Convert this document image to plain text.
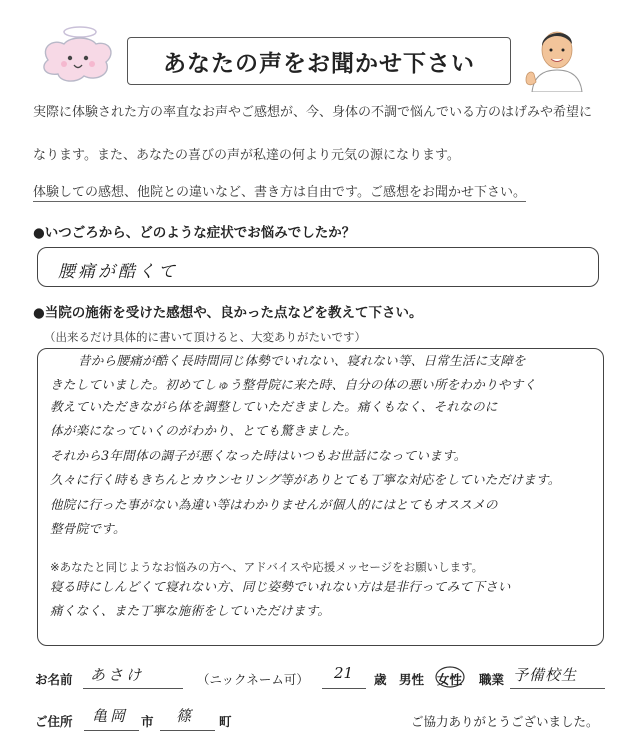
あなたの声をお聞かせ下さい
実際に体験された方の率直なお声やご感想が、今、身体の不調で悩んでいる方のはげみや希望に
なります。また、あなたの喜びの声が私達の何より元気の源になります。
体験しての感想、他院との違いなど、書き方は自由です。ご感想をお聞かせ下さい。
●いつごろから、どのような症状でお悩みでしたか？
腰痛が酷くて
●当院の施術を受けた感想や、良かった点などを教えて下さい。
（出来るだけ具体的に書いて頂けると、大変ありがたいです）
昔から腰痛が酷く長時間同じ体勢でいれない、寝れない等、日常生活に支障を
きたしていました。初めてしゅう整骨院に来た時、自分の体の悪い所をわかりやすく
教えていただきながら体を調整していただきました。痛くもなく、それなのに
体が楽になっていくのがわかり、とても驚きました。
それから3年間体の調子が悪くなった時はいつもお世話になっています。
久々に行く時もきちんとカウンセリング等がありとても丁寧な対応をしていただけます。
他院に行った事がない為違い等はわかりませんが個人的にはとてもオススメの
整骨院です。
※あなたと同じようなお悩みの方へ、アドバイスや応援メッセージをお願いします。
寝る時にしんどくて寝れない方、同じ姿勢でいれない方は是非行ってみて下さい
痛くなく、また丁寧な施術をしていただけます。
お名前 あさけ	（ニックネーム可） 21 歳 男性 女性 職業 予備校生
ご住所 亀岡 市 篠 町	ご協力ありがとうございました。
